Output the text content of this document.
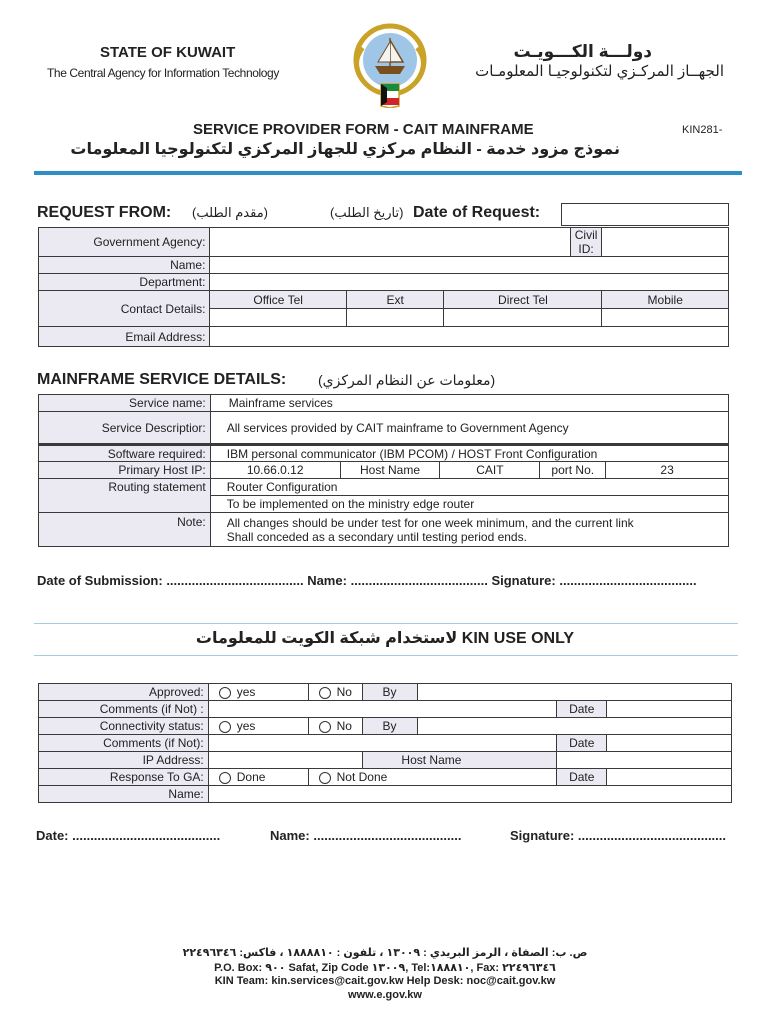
STATE OF KUWAIT
The Central Agency for Information Technology
دولـــة الكـــويـت
الجهــاز المركـزي لتكنولوجيـا المعلومـات
SERVICE PROVIDER FORM - CAIT MAINFRAME	KIN281-
نموذج مزود خدمة - النظام مركزي للجهاز المركزي لتكنولوجيا المعلومات
REQUEST FROM: (مقدم الطلب)	(تاريخ الطلب) Date of Request:
Government Agency:				Civil ID:	
Name:					
Department:					
Contact Details:	Office Tel	Ext	Direct Tel		Mobile

Email Address:					
MAINFRAME SERVICE DETAILS: (معلومات عن النظام المركزي)
Service name:	Mainframe services				
Service Descriptior:	All services provided by CAIT mainframe to Government Agency				
Software required:	IBM personal communicator (IBM PCOM) / HOST Front Configuration				
Primary Host IP:	10.66.0.12	Host Name	CAIT	port No.	23
Routing statement	Router Configuration				
	To be implemented on the ministry edge router				
Note:	All changes should be under test for one week minimum, and the current link
Shall conceded as a secondary until testing period ends.				
Date of Submission: ...................................... Name: ...................................... Signature: ......................................
لاستخدام شبكة الكويت للمعلومات KIN USE ONLY
Approved:	yes	No	By			
Comments (if Not) :					Date	
Connectivity status:	yes	No	By			
Comments (if Not):					Date	
IP Address:			Host Name			
Response To GA:	Done	Not Done			Date	
Name:						
Date: .........................................	Name: .........................................	Signature: .........................................
ص. ب: الصفاة ، الرمز البريدي : ١٣٠٠٩ ، تلفون : ١٨٨٨٨١٠ ، فاكس: ٢٢٤٩٦٣٤٦
P.O. Box: ٩٠٠ Safat, Zip Code ١٣٠٠٩, Tel:١٨٨٨١٠, Fax: ٢٢٤٩٦٣٤٦
KIN Team: kin.services@cait.gov.kw Help Desk: noc@cait.gov.kw
www.e.gov.kw
